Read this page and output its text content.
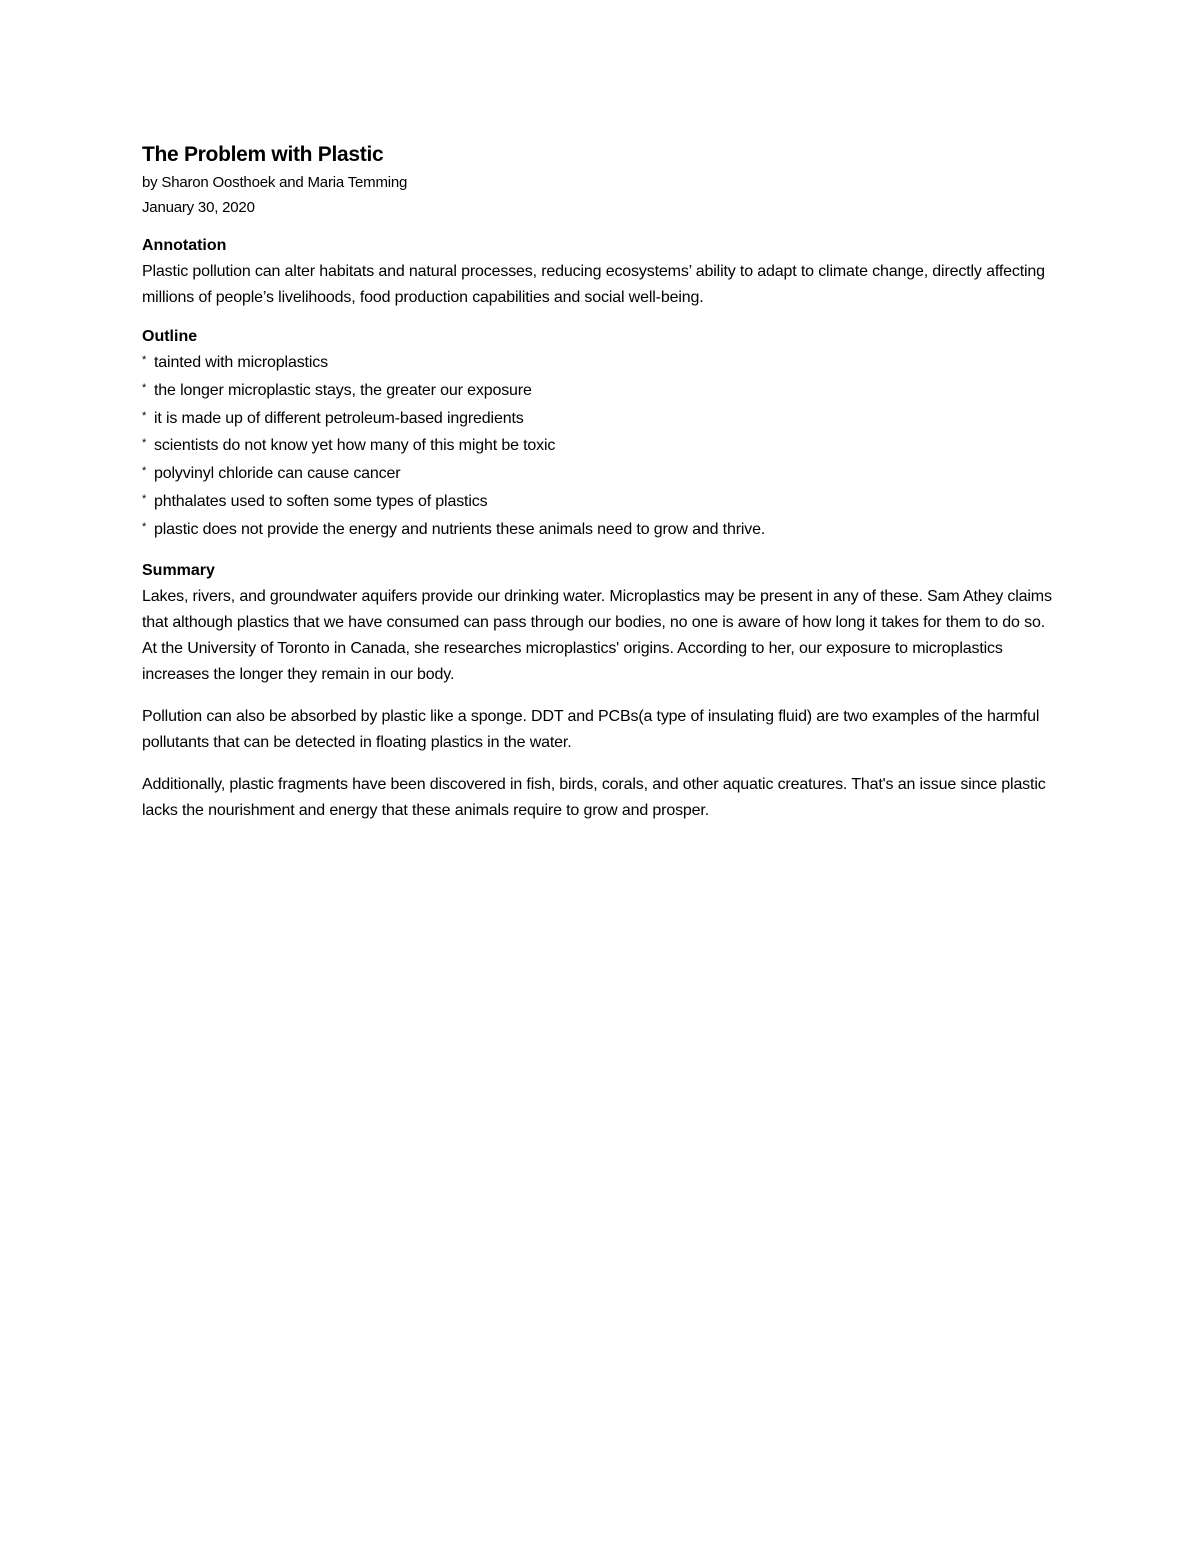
The Problem with Plastic

by Sharon Oosthoek and Maria Temming

January 30, 2020

Annotation

Plastic pollution can alter habitats and natural processes, reducing ecosystems’ ability to adapt to climate change, directly affecting millions of people’s livelihoods, food production capabilities and social well-being.

Outline
* tainted with microplastics
* the longer microplastic stays, the greater our exposure
* it is made up of different petroleum-based ingredients
* scientists do not know yet how many of this might be toxic
* polyvinyl chloride can cause cancer
* phthalates used to soften some types of plastics
* plastic does not provide the energy and nutrients these animals need to grow and thrive.
Summary

Lakes, rivers, and groundwater aquifers provide our drinking water. Microplastics may be present in any of these. Sam Athey claims that although plastics that we have consumed can pass through our bodies, no one is aware of how long it takes for them to do so. At the University of Toronto in Canada, she researches microplastics' origins. According to her, our exposure to microplastics increases the longer they remain in our body.

Pollution can also be absorbed by plastic like a sponge. DDT and PCBs(a type of insulating fluid) are two examples of the harmful pollutants that can be detected in floating plastics in the water.

Additionally, plastic fragments have been discovered in fish, birds, corals, and other aquatic creatures. That's an issue since plastic lacks the nourishment and energy that these animals require to grow and prosper.
